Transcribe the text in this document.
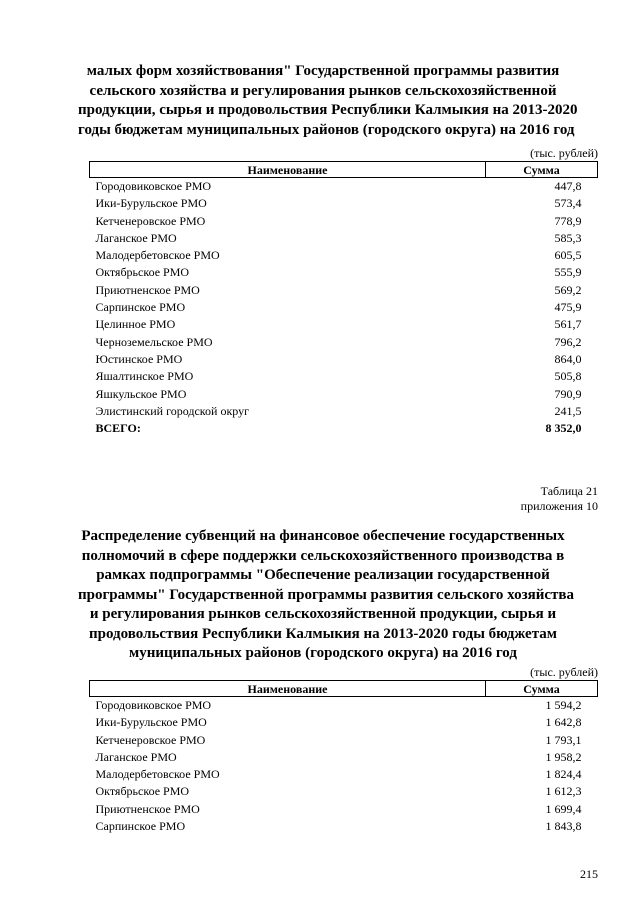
малых форм хозяйствования" Государственной программы развития
сельского хозяйства и регулирования рынков сельскохозяйственной
продукции, сырья и продовольствия Республики Калмыкия на 2013-2020
годы бюджетам муниципальных районов (городского округа) на 2016 год
(тыс. рублей)
Наименование	Сумма
Городовиковское РМО	447,8
Ики-Бурульское РМО	573,4
Кетченеровское РМО	778,9
Лаганское РМО	585,3
Малодербетовское РМО	605,5
Октябрьское РМО	555,9
Приютненское РМО	569,2
Сарпинское РМО	475,9
Целинное РМО	561,7
Черноземельское РМО	796,2
Юстинское РМО	864,0
Яшалтинское РМО	505,8
Яшкульское РМО	790,9
Элистинский городской округ	241,5
ВСЕГО:	8 352,0
Таблица 21
приложения 10
Распределение субвенций на финансовое обеспечение государственных
полномочий в сфере поддержки сельскохозяйственного производства в
рамках подпрограммы "Обеспечение реализации государственной
программы" Государственной программы развития сельского хозяйства
и регулирования рынков сельскохозяйственной продукции, сырья и
продовольствия Республики Калмыкия на 2013-2020 годы бюджетам
муниципальных районов (городского округа) на 2016 год
(тыс. рублей)
Наименование	Сумма
Городовиковское РМО	1 594,2
Ики-Бурульское РМО	1 642,8
Кетченеровское РМО	1 793,1
Лаганское РМО	1 958,2
Малодербетовское РМО	1 824,4
Октябрьское РМО	1 612,3
Приютненское РМО	1 699,4
Сарпинское РМО	1 843,8
215
